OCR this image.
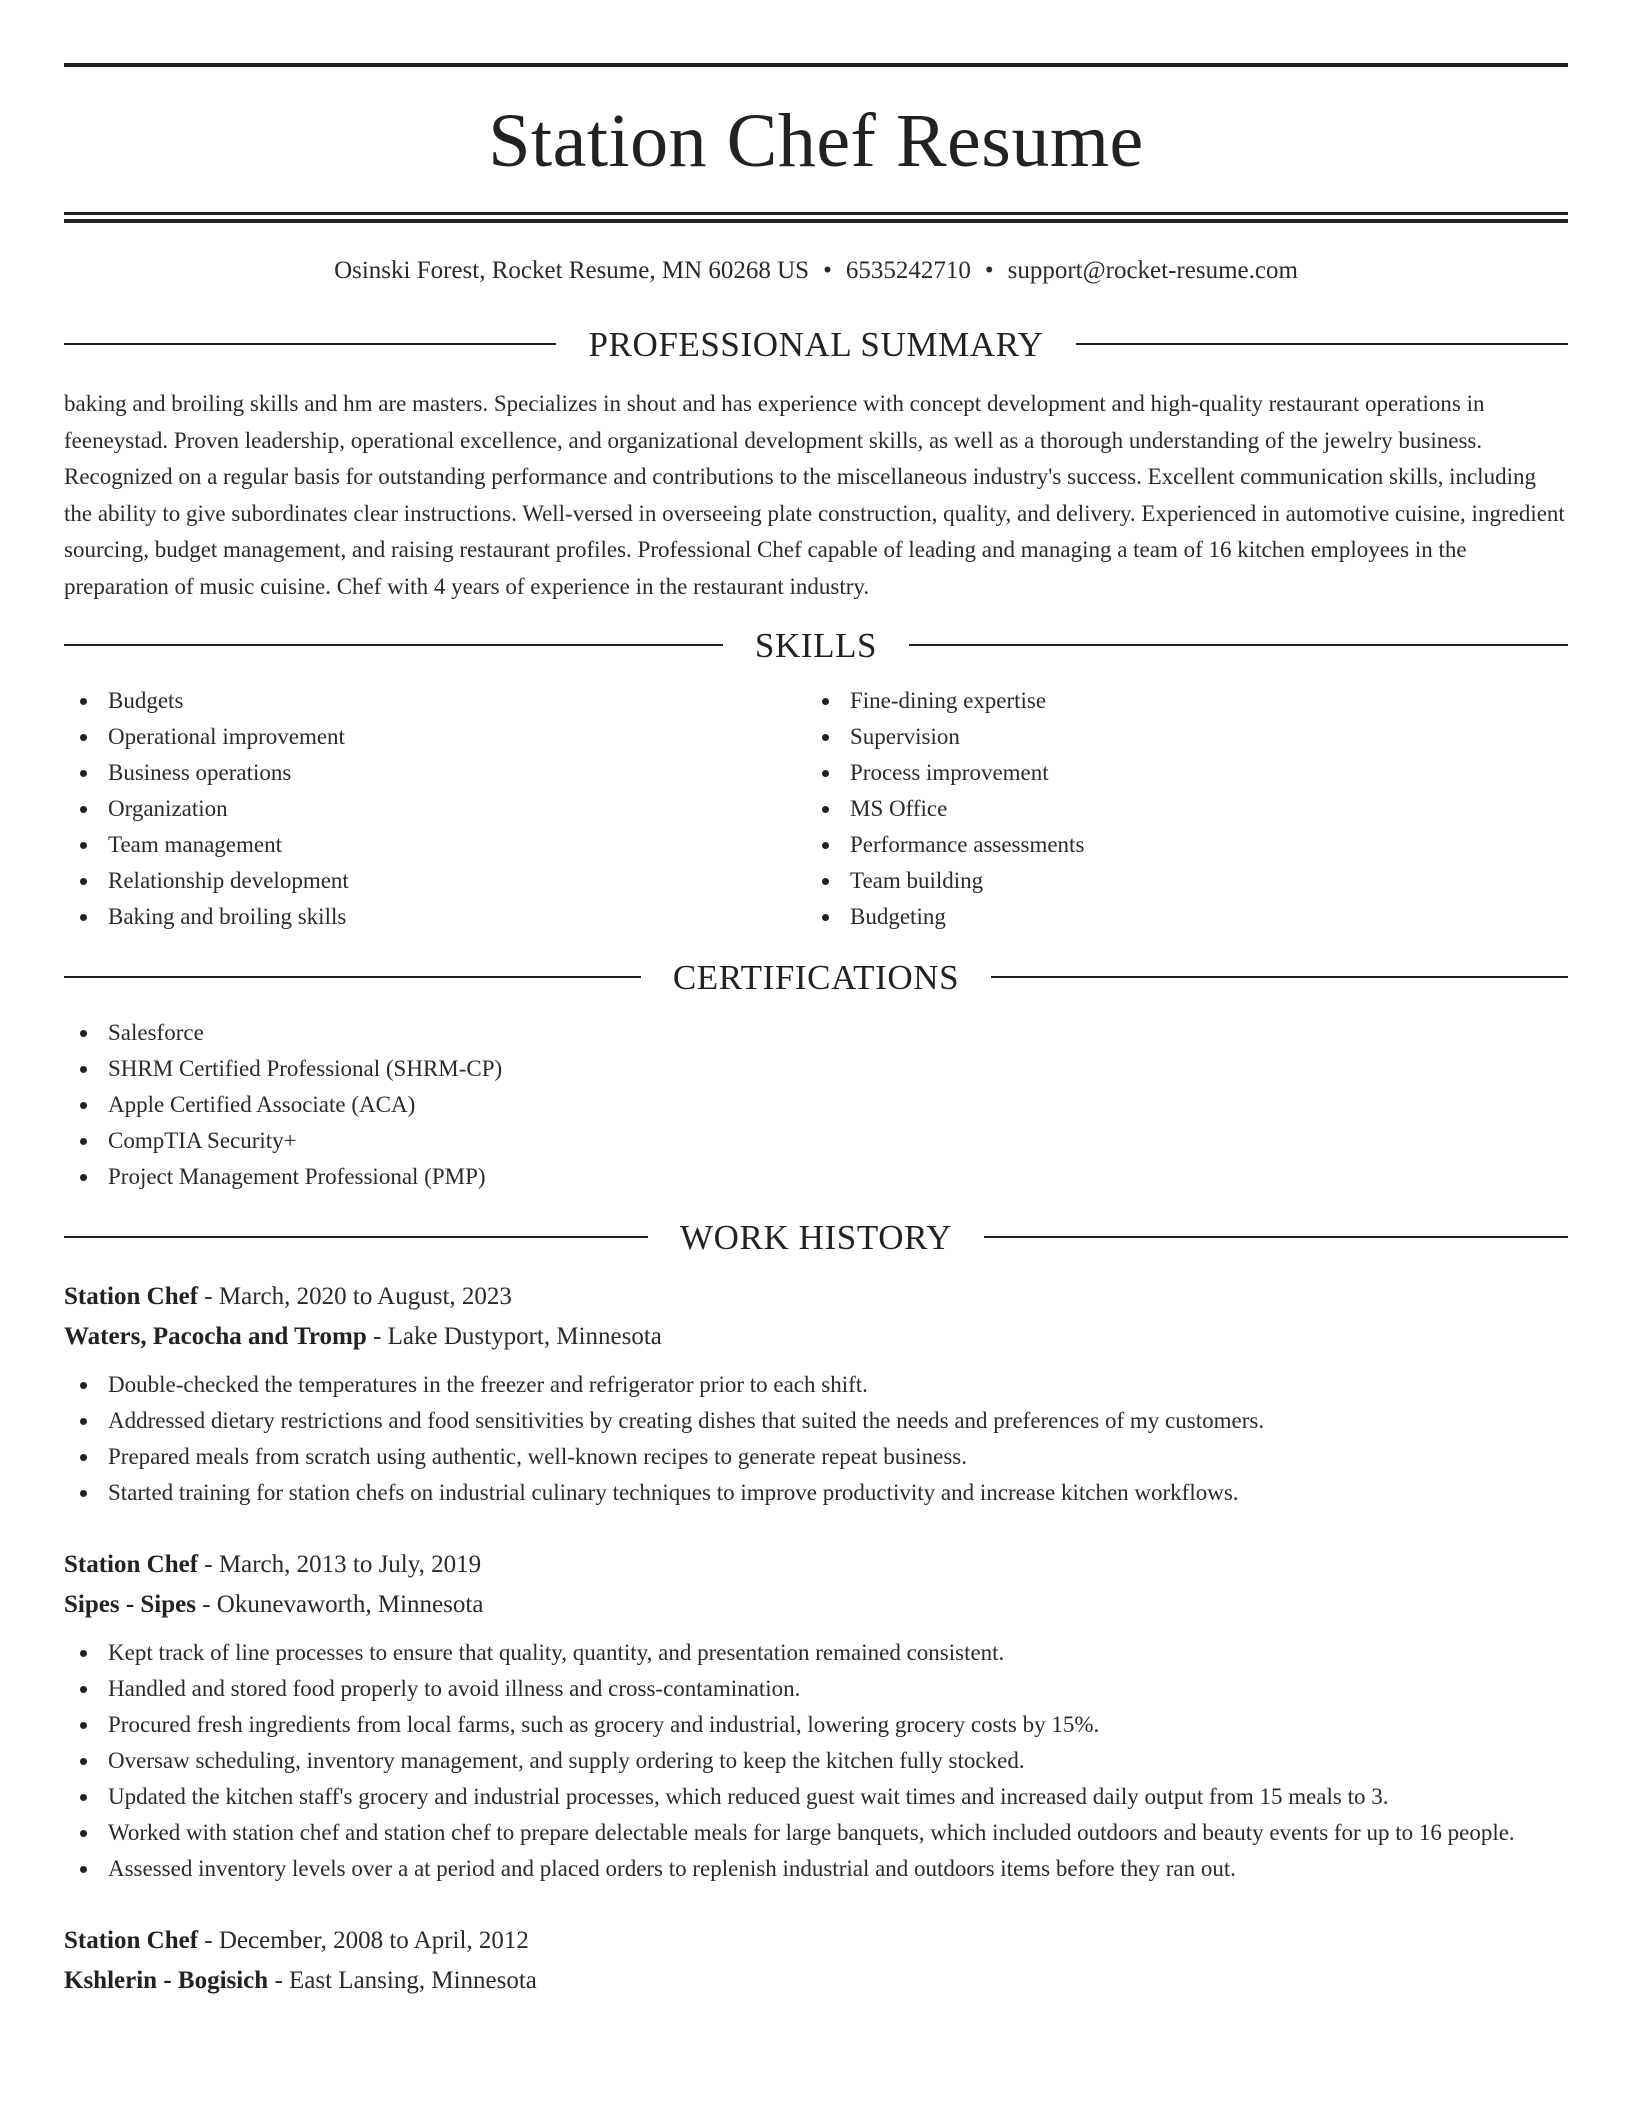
Station Chef Resume
Osinski Forest, Rocket Resume, MN 60268 US • 6535242710 • support@rocket-resume.com
PROFESSIONAL SUMMARY
baking and broiling skills and hm are masters. Specializes in shout and has experience with concept development and high-quality restaurant operations in feeneystad. Proven leadership, operational excellence, and organizational development skills, as well as a thorough understanding of the jewelry business. Recognized on a regular basis for outstanding performance and contributions to the miscellaneous industry's success. Excellent communication skills, including the ability to give subordinates clear instructions. Well-versed in overseeing plate construction, quality, and delivery. Experienced in automotive cuisine, ingredient sourcing, budget management, and raising restaurant profiles. Professional Chef capable of leading and managing a team of 16 kitchen employees in the preparation of music cuisine. Chef with 4 years of experience in the restaurant industry.
SKILLS
Budgets
Operational improvement
Business operations
Organization
Team management
Relationship development
Baking and broiling skills
Fine-dining expertise
Supervision
Process improvement
MS Office
Performance assessments
Team building
Budgeting
CERTIFICATIONS
Salesforce
SHRM Certified Professional (SHRM-CP)
Apple Certified Associate (ACA)
CompTIA Security+
Project Management Professional (PMP)
WORK HISTORY
Station Chef - March, 2020 to August, 2023
Waters, Pacocha and Tromp - Lake Dustyport, Minnesota
Double-checked the temperatures in the freezer and refrigerator prior to each shift.
Addressed dietary restrictions and food sensitivities by creating dishes that suited the needs and preferences of my customers.
Prepared meals from scratch using authentic, well-known recipes to generate repeat business.
Started training for station chefs on industrial culinary techniques to improve productivity and increase kitchen workflows.
Station Chef - March, 2013 to July, 2019
Sipes - Sipes - Okunevaworth, Minnesota
Kept track of line processes to ensure that quality, quantity, and presentation remained consistent.
Handled and stored food properly to avoid illness and cross-contamination.
Procured fresh ingredients from local farms, such as grocery and industrial, lowering grocery costs by 15%.
Oversaw scheduling, inventory management, and supply ordering to keep the kitchen fully stocked.
Updated the kitchen staff's grocery and industrial processes, which reduced guest wait times and increased daily output from 15 meals to 3.
Worked with station chef and station chef to prepare delectable meals for large banquets, which included outdoors and beauty events for up to 16 people.
Assessed inventory levels over a at period and placed orders to replenish industrial and outdoors items before they ran out.
Station Chef - December, 2008 to April, 2012
Kshlerin - Bogisich - East Lansing, Minnesota
